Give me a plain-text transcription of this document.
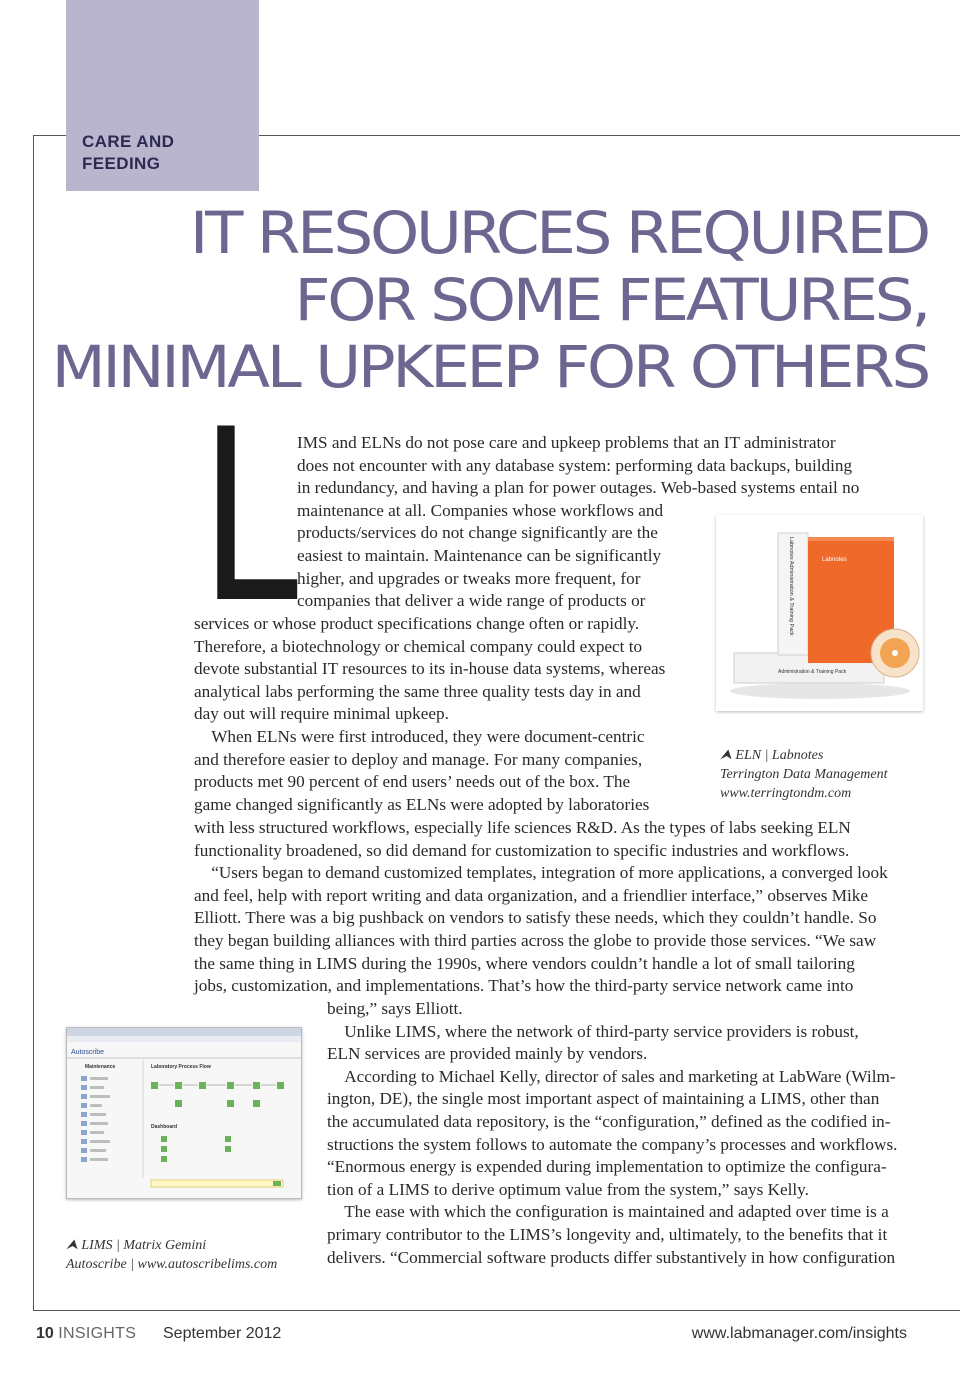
CARE AND
FEEDING
IT RESOURCES REQUIRED
FOR SOME FEATURES,
MINIMAL UPKEEP FOR OTHERS
L
IMS and ELNs do not pose care and upkeep problems that an IT administrator
does not encounter with any database system: performing data backups, building
in redundancy, and having a plan for power outages. Web-based systems entail no
maintenance at all. Companies whose workflows and
products/services do not change significantly are the
easiest to maintain. Maintenance can be significantly
higher, and upgrades or tweaks more frequent, for
companies that deliver a wide range of products or
services or whose product specifications change often or rapidly.
Therefore, a biotechnology or chemical company could expect to
devote substantial IT resources to its in-house data systems, whereas
analytical labs performing the same three quality tests day in and
day out will require minimal upkeep.
 When ELNs were first introduced, they were document-centric
and therefore easier to deploy and manage. For many companies,
products met 90 percent of end users’ needs out of the box. The
game changed significantly as ELNs were adopted by laboratories
with less structured workflows, especially life sciences R&D. As the types of labs seeking ELN
functionality broadened, so did demand for customization to specific industries and workflows.
 “Users began to demand customized templates, integration of more applications, a converged look
and feel, help with report writing and data organization, and a friendlier interface,” observes Mike
Elliott. There was a big pushback on vendors to satisfy these needs, which they couldn’t handle. So
they began building alliances with third parties across the globe to provide those services. “We saw
the same thing in LIMS during the 1990s, where vendors couldn’t handle a lot of small tailoring
jobs, customization, and implementations. That’s how the third-party service network came into
being,” says Elliott.
 Unlike LIMS, where the network of third-party service providers is robust,
ELN services are provided mainly by vendors.
 According to Michael Kelly, director of sales and marketing at LabWare (Wilm-
ington, DE), the single most important aspect of maintaining a LIMS, other than
the accumulated data repository, is the “configuration,” defined as the codified in-
structions the system follows to automate the company’s processes and workflows.
“Enormous energy is expended during implementation to optimize the configura-
tion of a LIMS to derive optimum value from the system,” says Kelly.
 The ease with which the configuration is maintained and adapted over time is a
primary contributor to the LIMS’s longevity and, ultimately, to the benefits that it
delivers. “Commercial software products differ substantively in how configuration
Labnotes
Labnotes Administration & Training Pack
Administration & Training Pack
⮝ ELN | Labnotes
Terrington Data Management
www.terringtondm.com
Autoscribe
Maintenance	Laboratory Process Flow
Dashboard
⮝ LIMS | Matrix Gemini
Autoscribe | www.autoscribelims.com
10 INSIGHTS September 2012	www.labmanager.com/insights
